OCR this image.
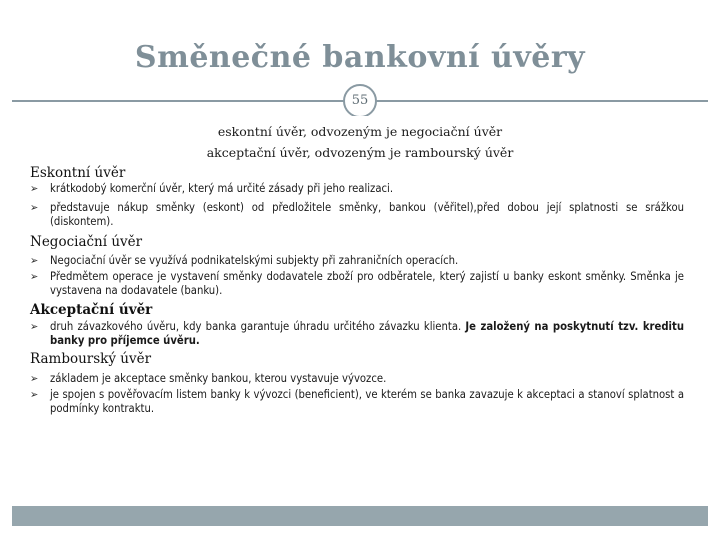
Směnečné bankovní úvěry
55
eskontní úvěr, odvozeným je negociační úvěr
akceptační úvěr, odvozeným je rambourský úvěr
Eskontní úvěr
➢ krátkodobý komerční úvěr, který má určité zásady při jeho realizaci.
➢ představuje nákup směnky (eskont) od předložitele směnky, bankou (věřitel),před dobou její splatnosti se srážkou (diskontem).
Negociační úvěr
➢ Negociační úvěr se využívá podnikatelskými subjekty při zahraničních operacích.
➢ Předmětem operace je vystavení směnky dodavatele zboží pro odběratele, který zajistí u banky eskont směnky. Směnka je vystavena na dodavatele (banku).
Akceptační úvěr
➢ druh závazkového úvěru, kdy banka garantuje úhradu určitého závazku klienta. Je založený na poskytnutí tzv. kreditu banky pro příjemce úvěru.
Rambourský úvěr
➢ základem je akceptace směnky bankou, kterou vystavuje vývozce.
➢ je spojen s pověřovacím listem banky k vývozci (beneficient), ve kterém se banka zavazuje k akceptaci a stanoví splatnost a podmínky kontraktu.
